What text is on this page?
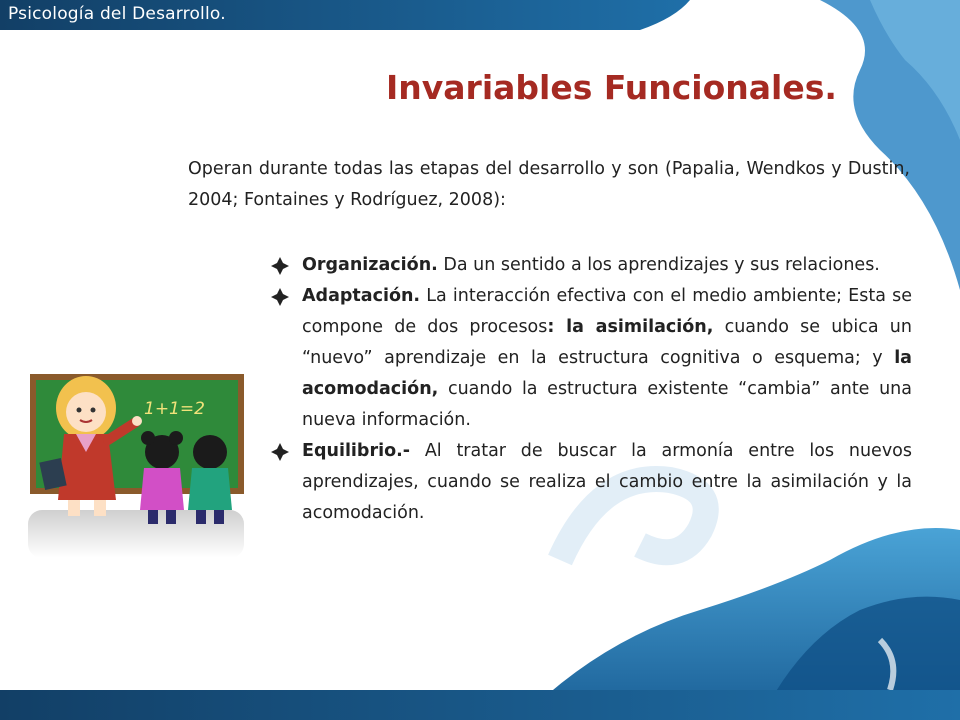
Psicología del Desarrollo.
Invariables Funcionales.

Operan durante todas las etapas del desarrollo y son (Papalia, Wendkos y Dustin, 2004; Fontaines y Rodríguez, 2008):

Organización. Da un sentido a los aprendizajes y sus relaciones.
Adaptación. La interacción efectiva con el medio ambiente; Esta se compone de dos procesos: la asimilación, cuando se ubica un “nuevo” aprendizaje en la estructura cognitiva o esquema; y la acomodación, cuando la estructura existente “cambia” ante una nueva información.
Equilibrio.- Al tratar de buscar la armonía entre los nuevos aprendizajes, cuando se realiza el cambio entre la asimilación y la acomodación.
1+1=2
